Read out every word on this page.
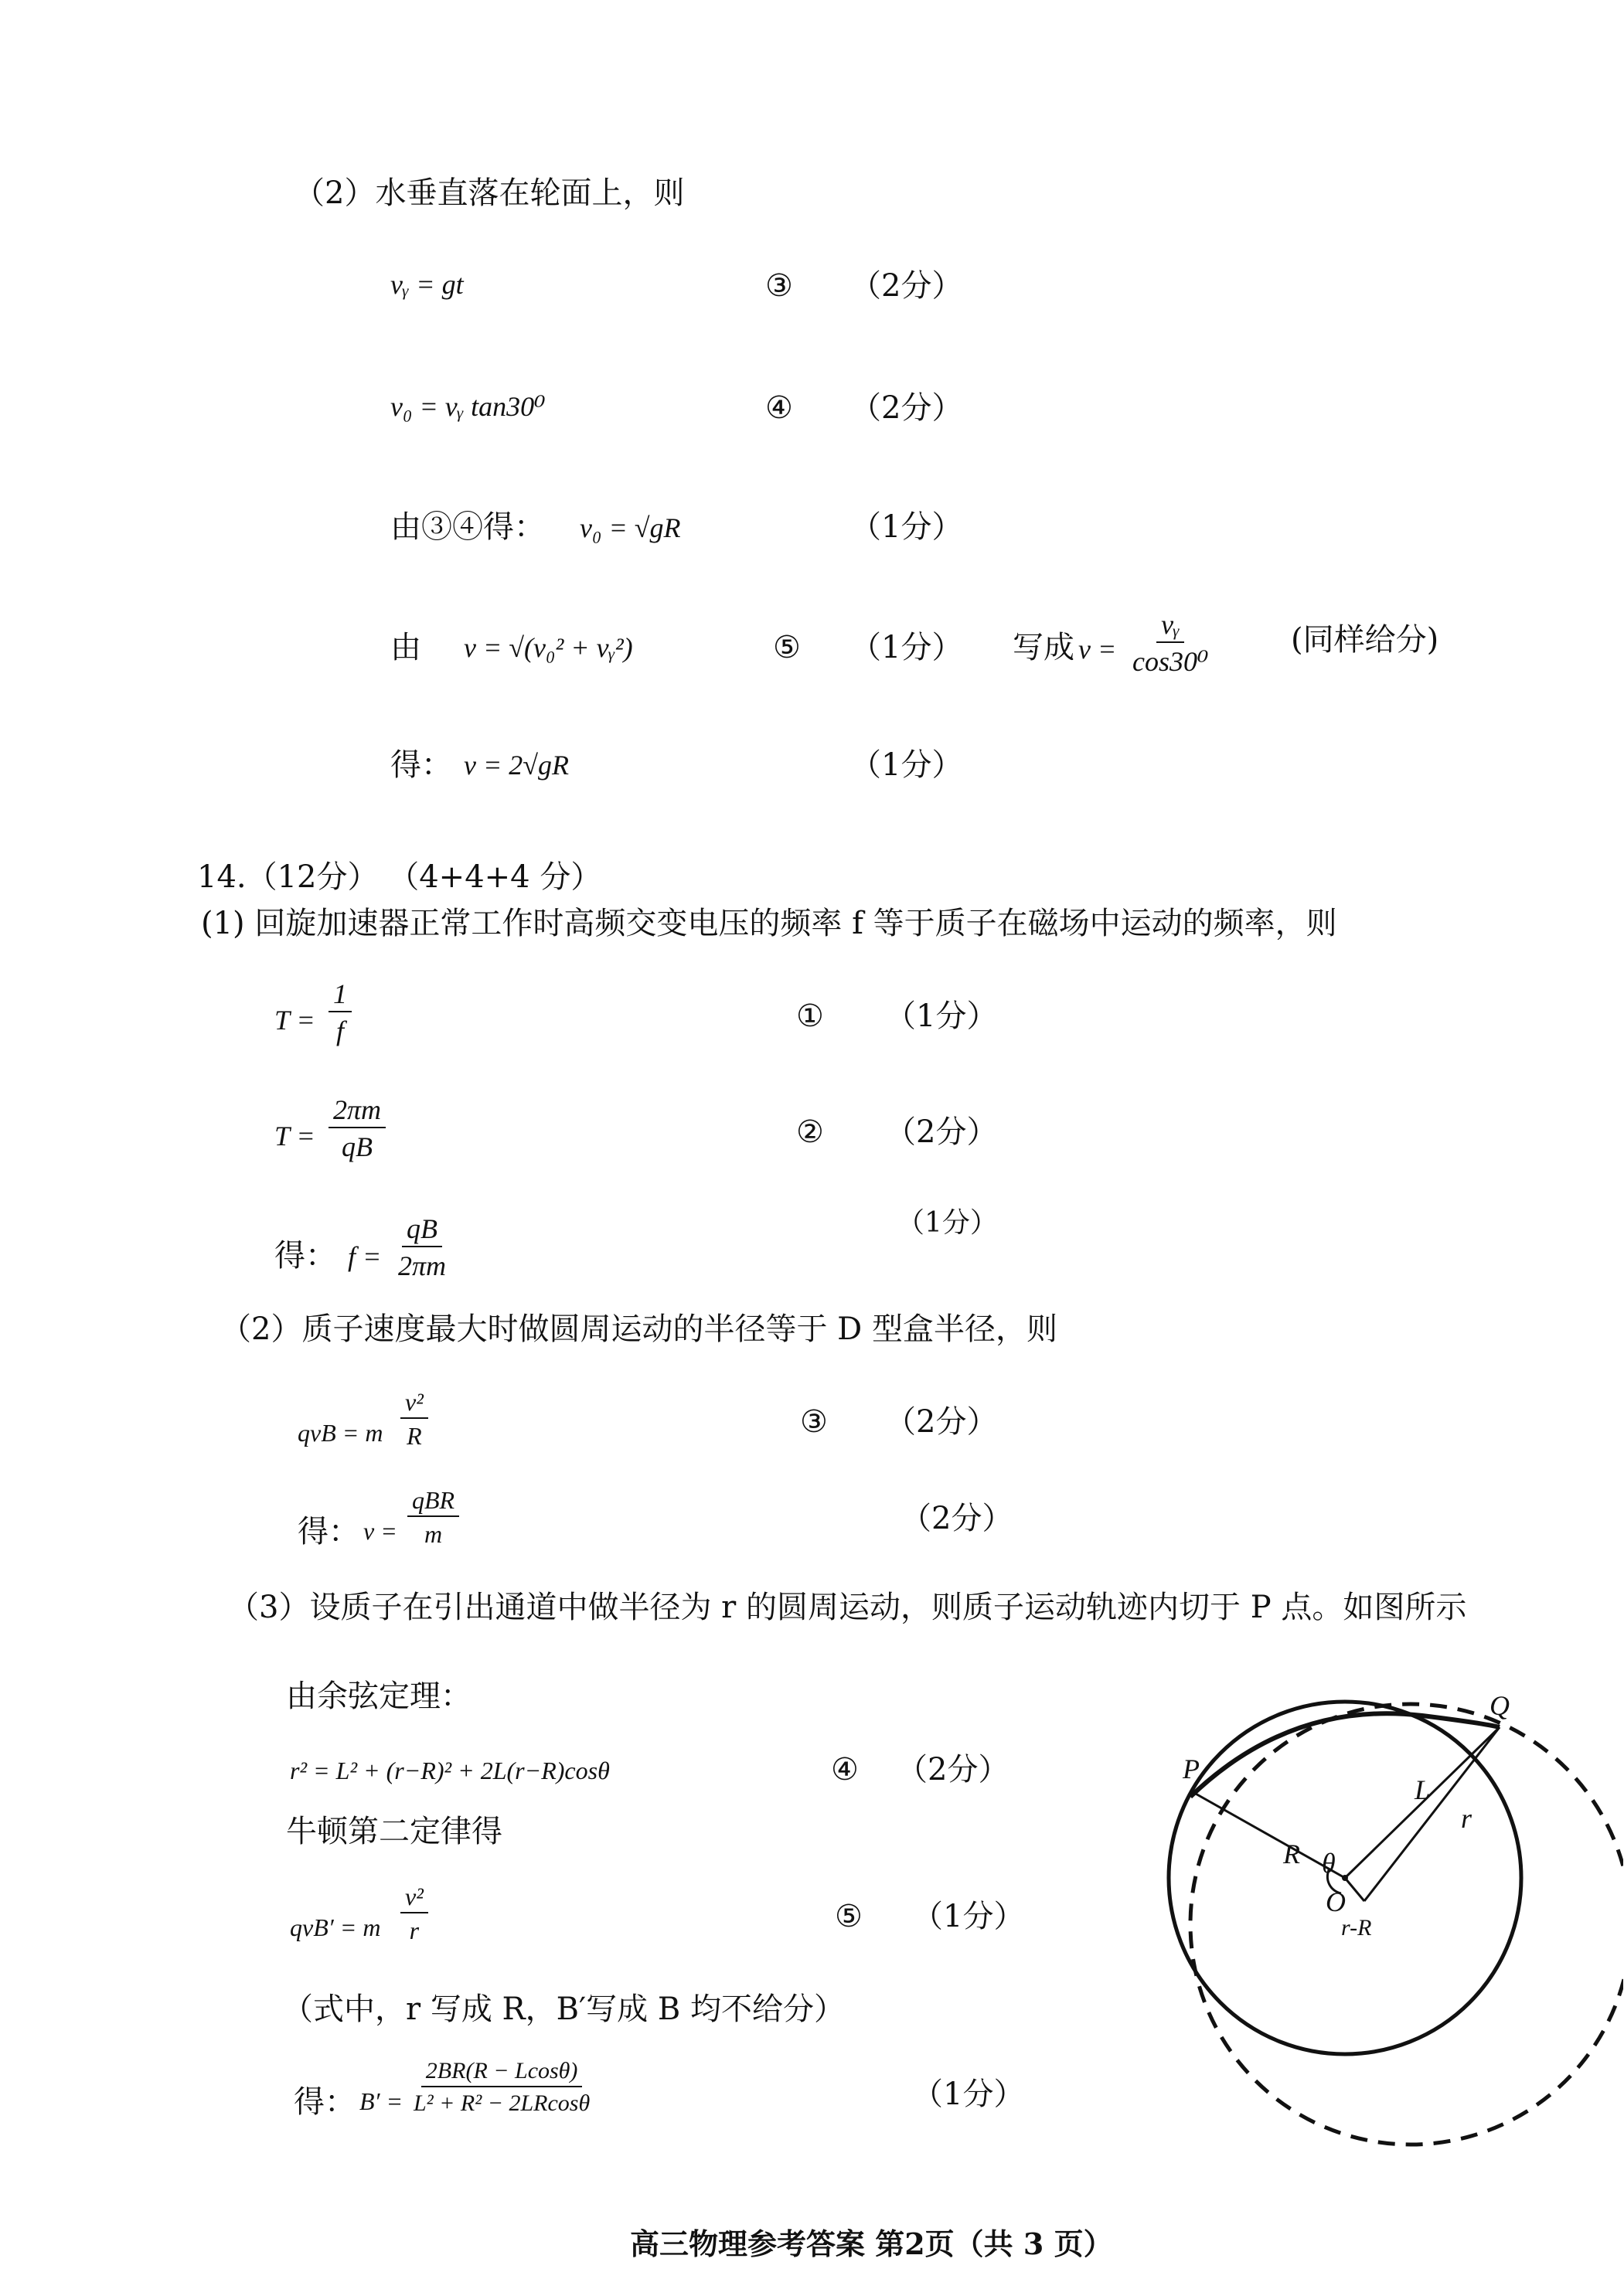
（2）水垂直落在轮面上，则
vᵧ = gt	③ （2分）
v₀ = vᵧ tan30⁰	④ （2分）
由③④得： v₀ = √gR	（1分）
由 v = √(v₀² + vᵧ²)	⑤ （1分） 写成 $v = \frac{\text{vᵧ}}{\text{cos30⁰}}$	(同样给分)
得： v = 2√gR	（1分）
14.（12分） （4+4+4 分）
(1) 回旋加速器正常工作时高频交变电压的频率 f 等于质子在磁场中运动的频率，则
$T = \frac{1}{f}$	① （1分）
$T = \frac{2\pi m}{qB}$	② （2分）
得： $f = \frac{qB}{2\pi m}$	（1分）
（2）质子速度最大时做圆周运动的半径等于 D 型盒半径，则
qvB = m $\frac{\text{v²}}{R}$	③ （2分）
得： v =
qBR
m	（2分）
（3）设质子在引出通道中做半径为 r 的圆周运动，则质子运动轨迹内切于 P 点。如图所示
由余弦定理：
r² = L² + (r−R)² + 2L(r−R)cosθ	④ （2分）
牛顿第二定律得
qvB′ = m $\frac{\text{v²}}{r}$	⑤ （1分）
（式中，r 写成 R，B′写成 B 均不给分）
得： $B' = \frac{2BR(R - Lcos\theta)}{\text{L² + R² − 2LRcosθ}}$	（1分）
Q
P
L
r
R θ
O
r-R
高三物理参考答案 第2页（共 3 页）
